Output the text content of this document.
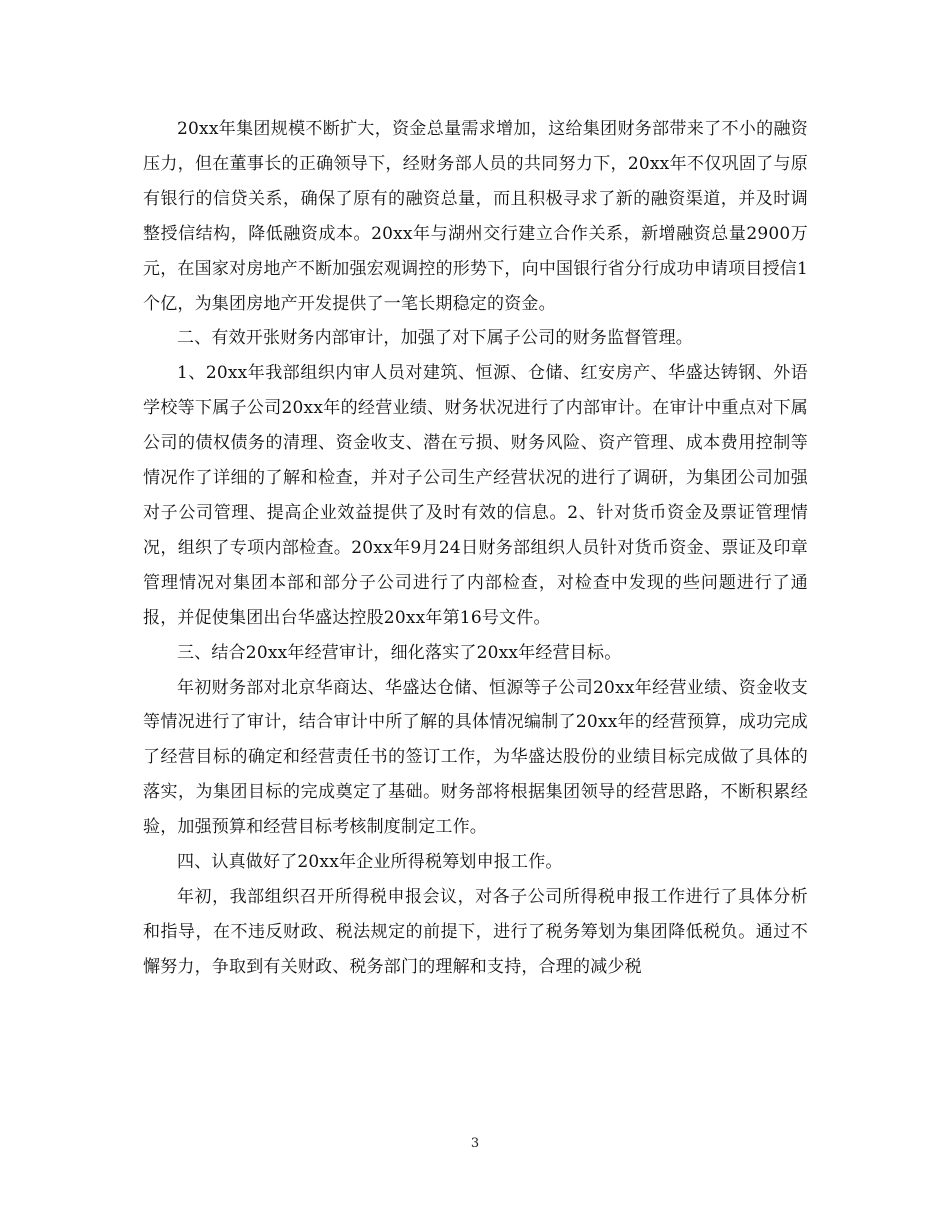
20xx年集团规模不断扩大，资金总量需求增加，这给集团财务部带来了不小的融资压力，但在董事长的正确领导下，经财务部人员的共同努力下，20xx年不仅巩固了与原有银行的信贷关系，确保了原有的融资总量，而且积极寻求了新的融资渠道，并及时调整授信结构，降低融资成本。20xx年与湖州交行建立合作关系，新增融资总量2900万元，在国家对房地产不断加强宏观调控的形势下，向中国银行省分行成功申请项目授信1个亿，为集团房地产开发提供了一笔长期稳定的资金。

二、有效开张财务内部审计，加强了对下属子公司的财务监督管理。

1、20xx年我部组织内审人员对建筑、恒源、仓储、红安房产、华盛达铸钢、外语学校等下属子公司20xx年的经营业绩、财务状况进行了内部审计。在审计中重点对下属公司的债权债务的清理、资金收支、潜在亏损、财务风险、资产管理、成本费用控制等情况作了详细的了解和检查，并对子公司生产经营状况的进行了调研，为集团公司加强对子公司管理、提高企业效益提供了及时有效的信息。2、针对货币资金及票证管理情况，组织了专项内部检查。20xx年9月24日财务部组织人员针对货币资金、票证及印章管理情况对集团本部和部分子公司进行了内部检查，对检查中发现的些问题进行了通报，并促使集团出台华盛达控股20xx年第16号文件。

三、结合20xx年经营审计，细化落实了20xx年经营目标。

年初财务部对北京华商达、华盛达仓储、恒源等子公司20xx年经营业绩、资金收支等情况进行了审计，结合审计中所了解的具体情况编制了20xx年的经营预算，成功完成了经营目标的确定和经营责任书的签订工作，为华盛达股份的业绩目标完成做了具体的落实，为集团目标的完成奠定了基础。财务部将根据集团领导的经营思路，不断积累经验，加强预算和经营目标考核制度制定工作。

四、认真做好了20xx年企业所得税筹划申报工作。

年初，我部组织召开所得税申报会议，对各子公司所得税申报工作进行了具体分析和指导，在不违反财政、税法规定的前提下，进行了税务筹划为集团降低税负。通过不懈努力，争取到有关财政、税务部门的理解和支持，合理的减少税

3
